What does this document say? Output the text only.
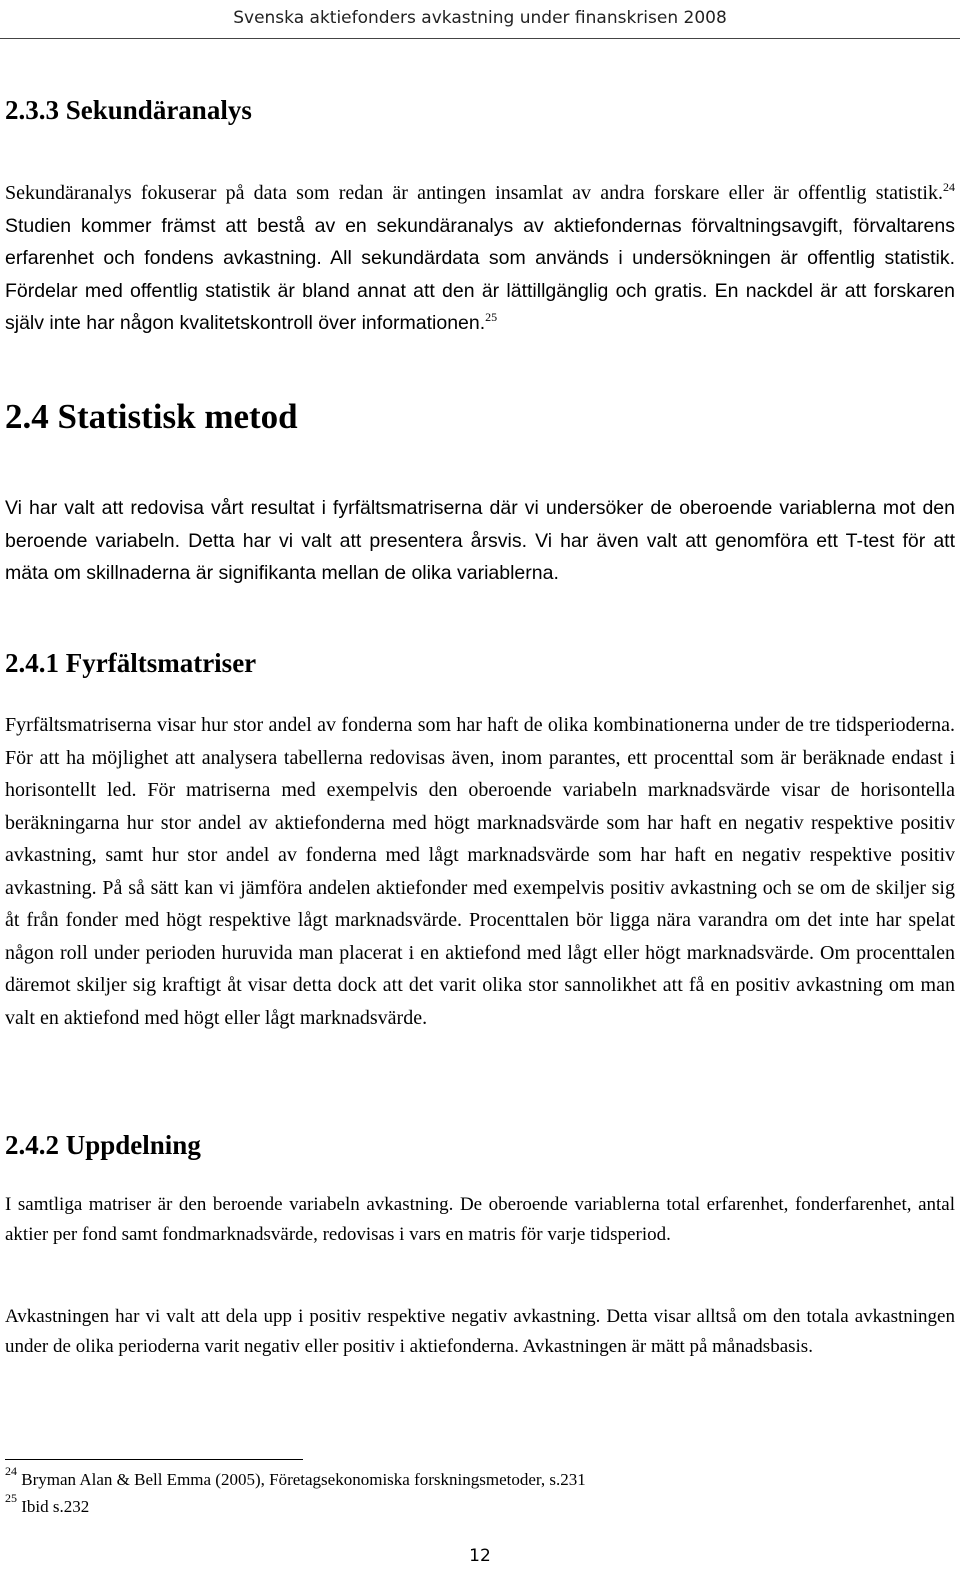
Svenska aktiefonders avkastning under finanskrisen 2008
2.3.3 Sekundäranalys

Sekundäranalys fokuserar på data som redan är antingen insamlat av andra forskare eller är offentlig statistik.$^{24}$ Studien kommer främst att bestå av en sekundäranalys av aktiefondernas förvaltningsavgift, förvaltarens erfarenhet och fondens avkastning. All sekundärdata som används i undersökningen är offentlig statistik. Fördelar med offentlig statistik är bland annat att den är lättillgänglig och gratis. En nackdel är att forskaren själv inte har någon kvalitetskontroll över informationen.$^{25}$

2.4 Statistisk metod

Vi har valt att redovisa vårt resultat i fyrfältsmatriserna där vi undersöker de oberoende variablerna mot den beroende variabeln. Detta har vi valt att presentera årsvis. Vi har även valt att genomföra ett T-test för att mäta om skillnaderna är signifikanta mellan de olika variablerna.

2.4.1 Fyrfältsmatriser

Fyrfältsmatriserna visar hur stor andel av fonderna som har haft de olika kombinationerna under de tre tidsperioderna. För att ha möjlighet att analysera tabellerna redovisas även, inom parantes, ett procenttal som är beräknade endast i horisontellt led. För matriserna med exempelvis den oberoende variabeln marknadsvärde visar de horisontella beräkningarna hur stor andel av aktiefonderna med högt marknadsvärde som har haft en negativ respektive positiv avkastning, samt hur stor andel av fonderna med lågt marknadsvärde som har haft en negativ respektive positiv avkastning. På så sätt kan vi jämföra andelen aktiefonder med exempelvis positiv avkastning och se om de skiljer sig åt från fonder med högt respektive lågt marknadsvärde. Procenttalen bör ligga nära varandra om det inte har spelat någon roll under perioden huruvida man placerat i en aktiefond med lågt eller högt marknadsvärde. Om procenttalen däremot skiljer sig kraftigt åt visar detta dock att det varit olika stor sannolikhet att få en positiv avkastning om man valt en aktiefond med högt eller lågt marknadsvärde.

2.4.2 Uppdelning

I samtliga matriser är den beroende variabeln avkastning. De oberoende variablerna total erfarenhet, fonderfarenhet, antal aktier per fond samt fondmarknadsvärde, redovisas i vars en matris för varje tidsperiod.

Avkastningen har vi valt att dela upp i positiv respektive negativ avkastning. Detta visar alltså om den totala avkastningen under de olika perioderna varit negativ eller positiv i aktiefonderna. Avkastningen är mätt på månadsbasis.

$^{24}$ Bryman Alan & Bell Emma (2005), Företagsekonomiska forskningsmetoder, s.231

$^{25}$ Ibid s.232

12
